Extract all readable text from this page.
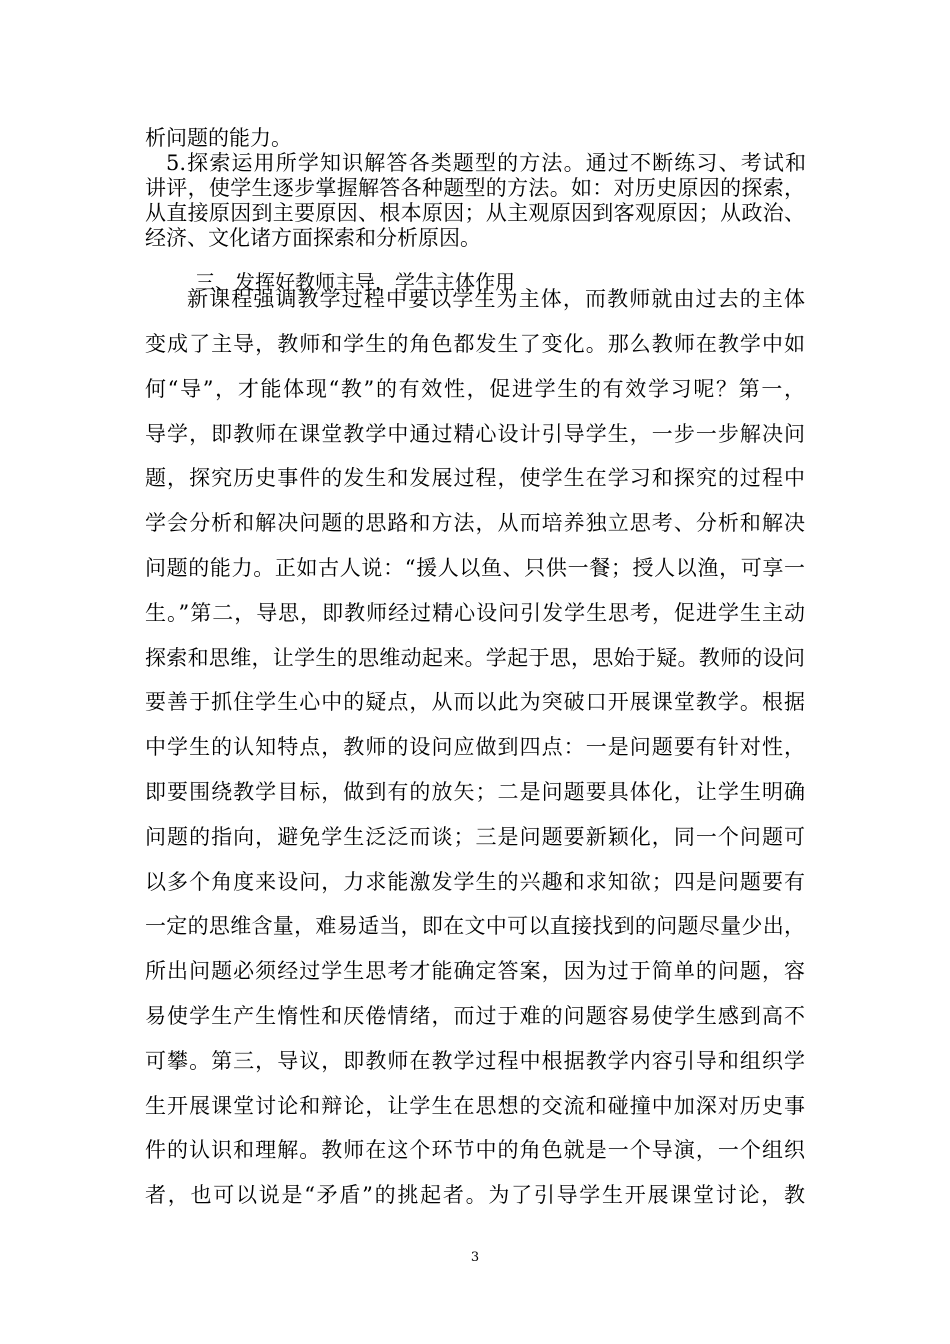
析问题的能力。

5.探索运用所学知识解答各类题型的方法。通过不断练习、考试和

讲评，使学生逐步掌握解答各种题型的方法。如：对历史原因的探索，

从直接原因到主要原因、根本原因；从主观原因到客观原因；从政治、

经济、文化诸方面探索和分析原因。

三、发挥好教师主导，学生主体作用

新课程强调教学过程中要以学生为主体，而教师就由过去的主体

变成了主导，教师和学生的角色都发生了变化。那么教师在教学中如

何“导”，才能体现“教”的有效性，促进学生的有效学习呢？第一，

导学，即教师在课堂教学中通过精心设计引导学生，一步一步解决问

题，探究历史事件的发生和发展过程，使学生在学习和探究的过程中

学会分析和解决问题的思路和方法，从而培养独立思考、分析和解决

问题的能力。正如古人说：“援人以鱼、只供一餐；授人以渔，可享一

生。”第二，导思，即教师经过精心设问引发学生思考，促进学生主动

探索和思维，让学生的思维动起来。学起于思，思始于疑。教师的设问

要善于抓住学生心中的疑点，从而以此为突破口开展课堂教学。根据

中学生的认知特点，教师的设问应做到四点：一是问题要有针对性，

即要围绕教学目标，做到有的放矢；二是问题要具体化，让学生明确

问题的指向，避免学生泛泛而谈；三是问题要新颖化，同一个问题可

以多个角度来设问，力求能激发学生的兴趣和求知欲；四是问题要有

一定的思维含量，难易适当，即在文中可以直接找到的问题尽量少出，

所出问题必须经过学生思考才能确定答案，因为过于简单的问题，容

易使学生产生惰性和厌倦情绪，而过于难的问题容易使学生感到高不

可攀。第三，导议，即教师在教学过程中根据教学内容引导和组织学

生开展课堂讨论和辩论，让学生在思想的交流和碰撞中加深对历史事

件的认识和理解。教师在这个环节中的角色就是一个导演，一个组织

者，也可以说是“矛盾”的挑起者。为了引导学生开展课堂讨论，教

3
